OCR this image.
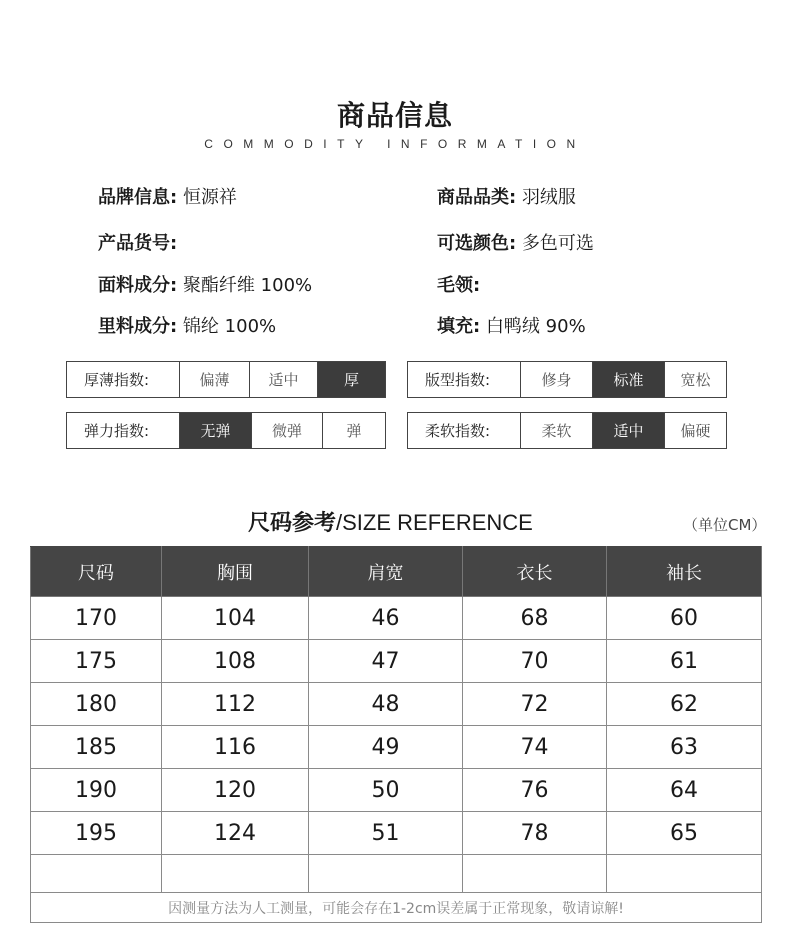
商品信息
COMMODITY INFORMATION
品牌信息: 恒源祥	商品品类: 羽绒服
产品货号:	可选颜色: 多色可选
面料成分: 聚酯纤维 100%	毛领:
里料成分: 锦纶 100%	填充: 白鸭绒 90%
厚薄指数:	偏薄	适中	厚	版型指数:	修身	标准	宽松
弹力指数:	无弹	微弹	弹	柔软指数:	柔软	适中	偏硬
尺码参考/SIZE REFERENCE	（单位CM）
尺码	胸围	肩宽	衣长	袖长
170	104	46	68	60
175	108	47	70	61
180	112	48	72	62
185	116	49	74	63
190	120	50	76	64
195	124	51	78	65

因测量方法为人工测量，可能会存在1-2cm误差属于正常现象，敬请谅解!				
